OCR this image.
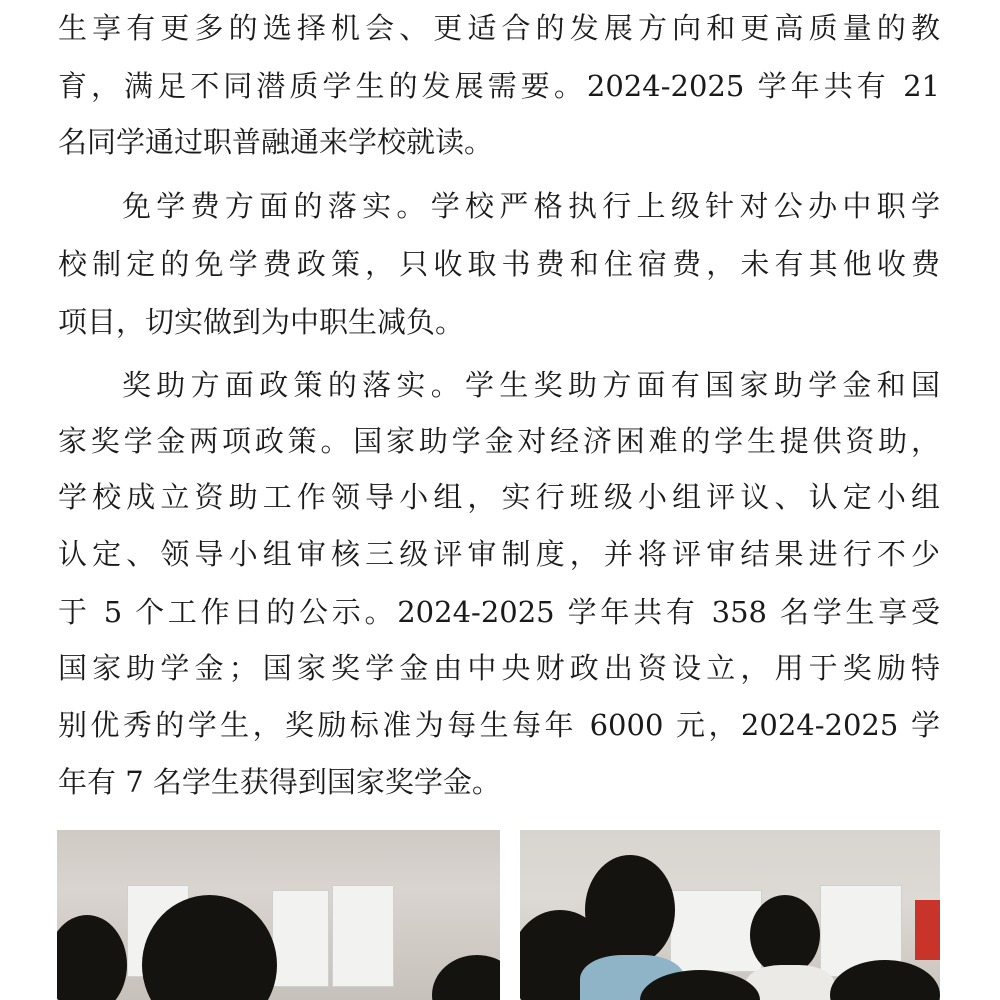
生享有更多的选择机会、更适合的发展方向和更高质量的教
育，满足不同潜质学生的发展需要。2024-2025 学年共有 21
名同学通过职普融通来学校就读。
免学费方面的落实。学校严格执行上级针对公办中职学
校制定的免学费政策，只收取书费和住宿费，未有其他收费
项目，切实做到为中职生减负。
奖助方面政策的落实。学生奖助方面有国家助学金和国
家奖学金两项政策。国家助学金对经济困难的学生提供资助，
学校成立资助工作领导小组，实行班级小组评议、认定小组
认定、领导小组审核三级评审制度，并将评审结果进行不少
于 5 个工作日的公示。2024-2025 学年共有 358 名学生享受
国家助学金；国家奖学金由中央财政出资设立，用于奖励特
别优秀的学生，奖励标准为每生每年 6000 元，2024-2025 学
年有 7 名学生获得到国家奖学金。
